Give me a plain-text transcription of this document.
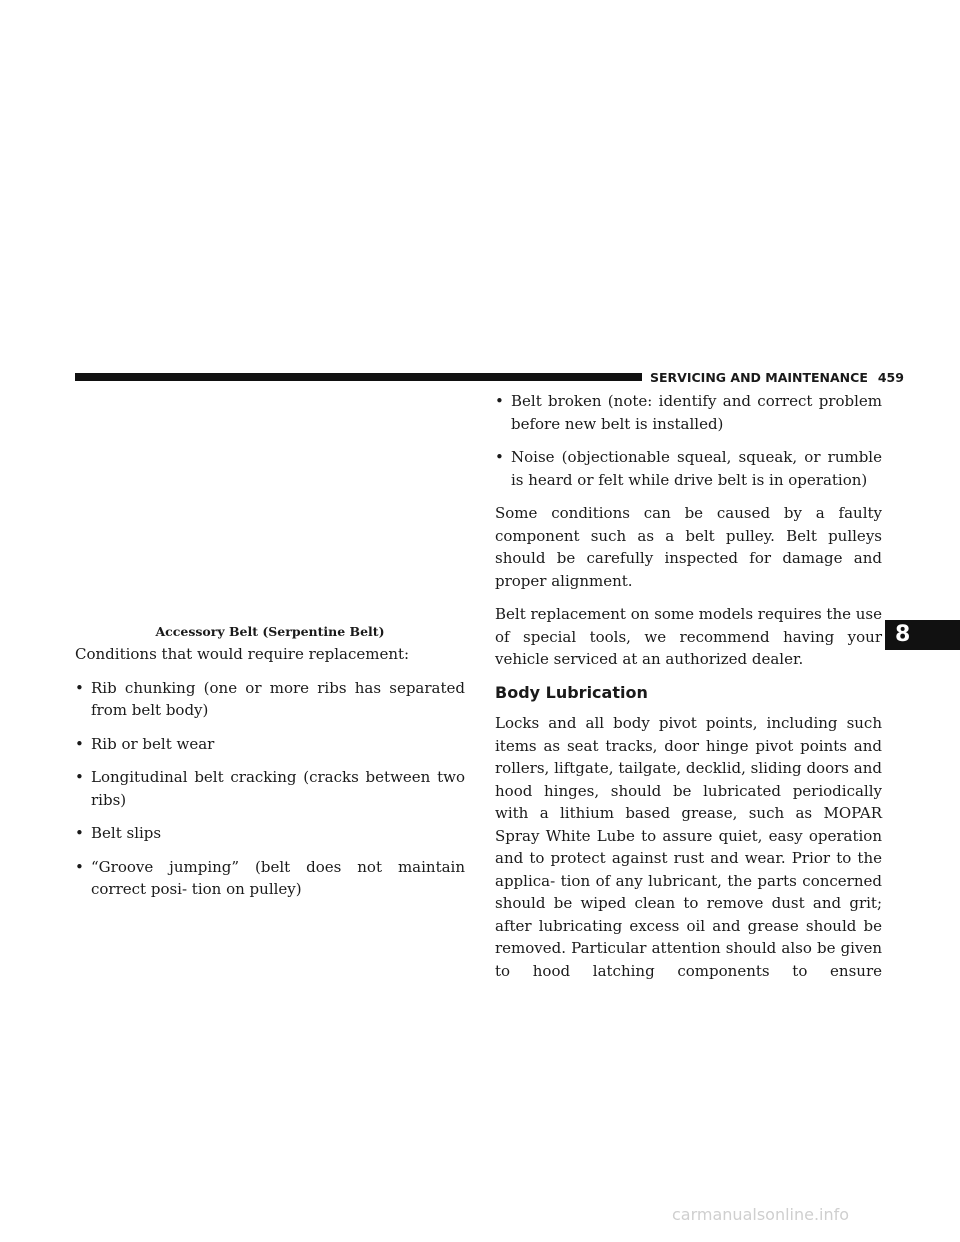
SERVICING AND MAINTENANCE 459
Accessory Belt (Serpentine Belt)

Conditions that would require replacement:

• Rib chunking (one or more ribs has separated from belt body)
• Rib or belt wear
• Longitudinal belt cracking (cracks between two ribs)
• Belt slips
• “Groove jumping” (belt does not maintain correct posi- tion on pulley)
• Belt broken (note: identify and correct problem before new belt is installed)
• Noise (objectionable squeal, squeak, or rumble is heard or felt while drive belt is in operation)

Some conditions can be caused by a faulty component such as a belt pulley. Belt pulleys should be carefully inspected for damage and proper alignment.

Belt replacement on some models requires the use of special tools, we recommend having your vehicle serviced at an authorized dealer.

Body Lubrication

Locks and all body pivot points, including such items as seat tracks, door hinge pivot points and rollers, liftgate, tailgate, decklid, sliding doors and hood hinges, should be lubricated periodically with a lithium based grease, such as MOPAR Spray White Lube to assure quiet, easy operation and to protect against rust and wear. Prior to the applica- tion of any lubricant, the parts concerned should be wiped clean to remove dust and grit; after lubricating excess oil and grease should be removed. Particular attention should also be given to hood latching components to ensure

8
carmanualsonline.info
